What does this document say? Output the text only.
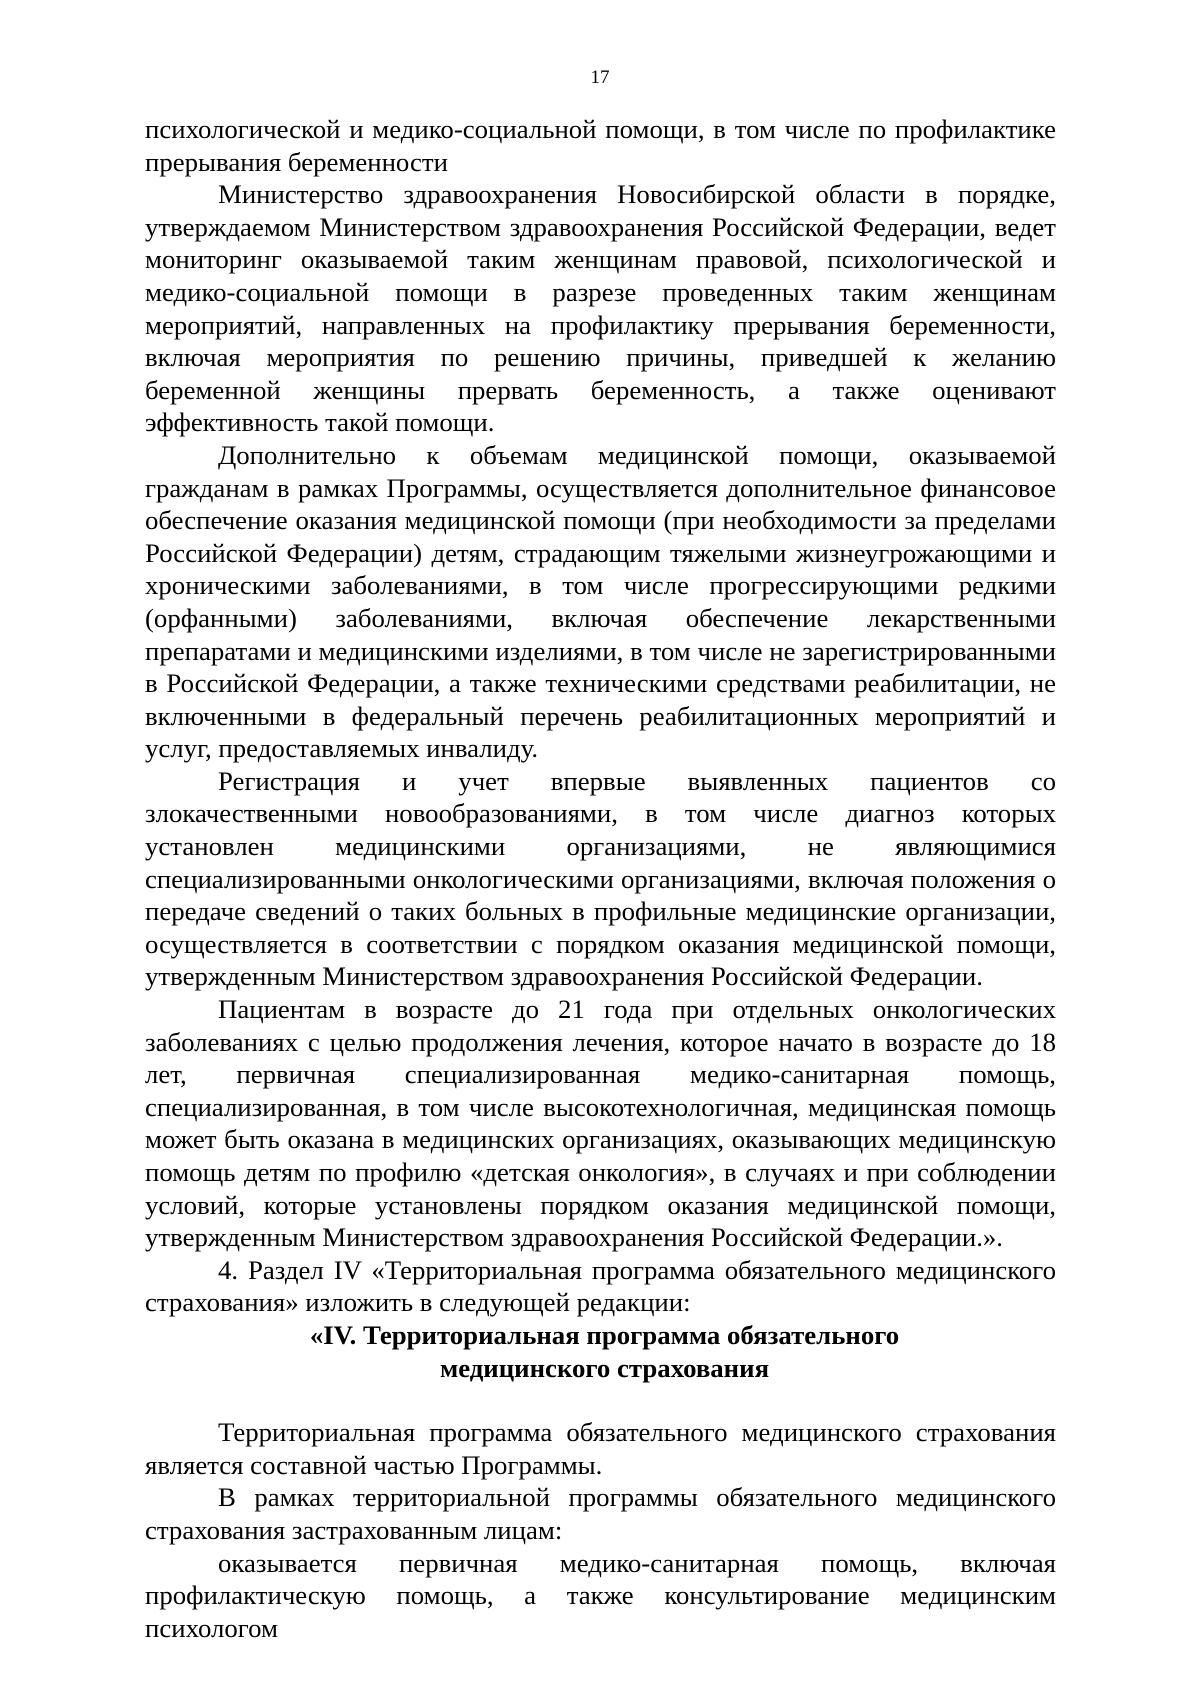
17

психологической и медико-социальной помощи, в том числе по профилактике прерывания беременности

Министерство здравоохранения Новосибирской области в порядке, утверждаемом Министерством здравоохранения Российской Федерации, ведет мониторинг оказываемой таким женщинам правовой, психологической и медико-социальной помощи в разрезе проведенных таким женщинам мероприятий, направленных на профилактику прерывания беременности, включая мероприятия по решению причины, приведшей к желанию беременной женщины прервать беременность, а также оценивают эффективность такой помощи.

Дополнительно к объемам медицинской помощи, оказываемой гражданам в рамках Программы, осуществляется дополнительное финансовое обеспечение оказания медицинской помощи (при необходимости за пределами Российской Федерации) детям, страдающим тяжелыми жизнеугрожающими и хроническими заболеваниями, в том числе прогрессирующими редкими (орфанными) заболеваниями, включая обеспечение лекарственными препаратами и медицинскими изделиями, в том числе не зарегистрированными в Российской Федерации, а также техническими средствами реабилитации, не включенными в федеральный перечень реабилитационных мероприятий и услуг, предоставляемых инвалиду.

Регистрация и учет впервые выявленных пациентов со злокачественными новообразованиями, в том числе диагноз которых установлен медицинскими организациями, не являющимися специализированными онкологическими организациями, включая положения о передаче сведений о таких больных в профильные медицинские организации, осуществляется в соответствии с порядком оказания медицинской помощи, утвержденным Министерством здравоохранения Российской Федерации.

Пациентам в возрасте до 21 года при отдельных онкологических заболеваниях с целью продолжения лечения, которое начато в возрасте до 18 лет, первичная специализированная медико-санитарная помощь, специализированная, в том числе высокотехнологичная, медицинская помощь может быть оказана в медицинских организациях, оказывающих медицинскую помощь детям по профилю «детская онкология», в случаях и при соблюдении условий, которые установлены порядком оказания медицинской помощи, утвержденным Министерством здравоохранения Российской Федерации.».

4. Раздел IV «Территориальная программа обязательного медицинского страхования» изложить в следующей редакции:

«IV. Территориальная программа обязательного
медицинского страхования

Территориальная программа обязательного медицинского страхования является составной частью Программы.

В рамках территориальной программы обязательного медицинского страхования застрахованным лицам:

оказывается первичная медико-санитарная помощь, включая профилактическую помощь, а также консультирование медицинским психологом
